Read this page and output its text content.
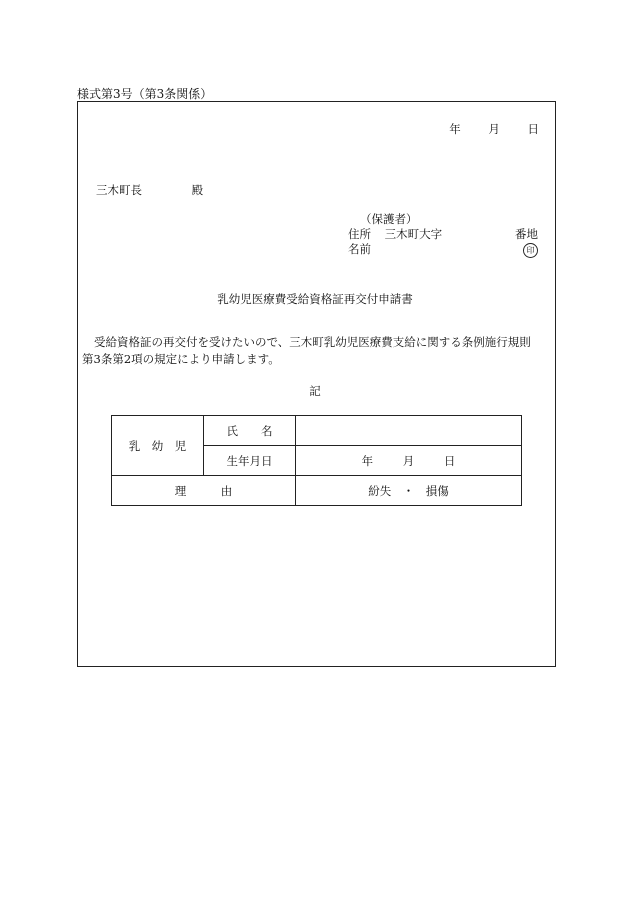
様式第3号（第3条関係）
年 月 日
三木町長	殿
（保護者）
住所 三木町大字	番地
名前	印
乳幼児医療費受給資格証再交付申請書
受給資格証の再交付を受けたいので、三木町乳幼児医療費支給に関する条例施行規則
第3条第2項の規定により申請します。
記
乳　幼　児	氏　　名	
	生年月日	年 月 日
理　　　由		紛失　・　損傷
